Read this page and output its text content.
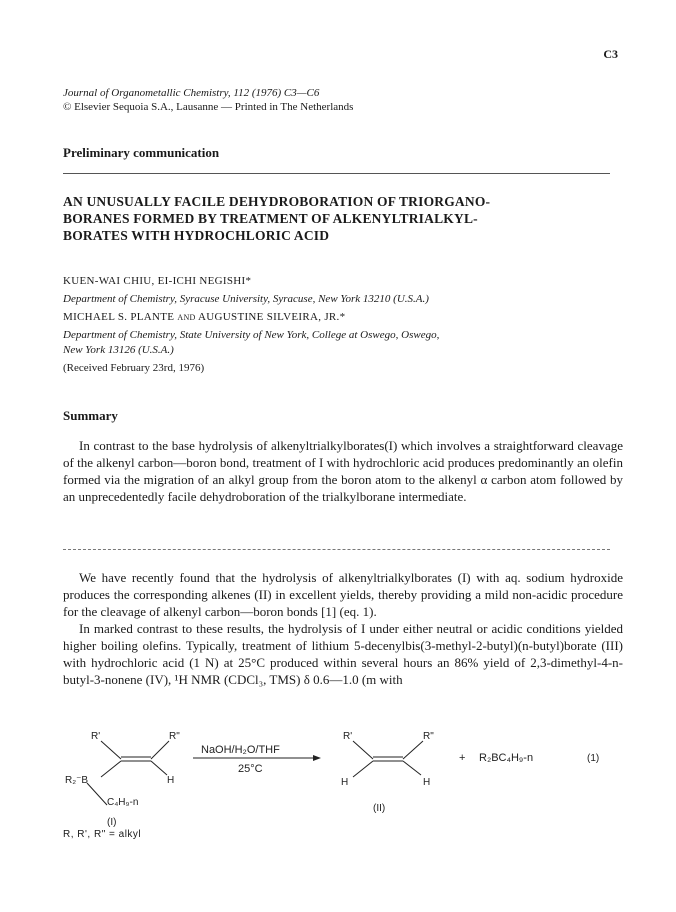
C3
Journal of Organometallic Chemistry, 112 (1976) C3—C6
© Elsevier Sequoia S.A., Lausanne — Printed in The Netherlands
Preliminary communication
AN UNUSUALLY FACILE DEHYDROBORATION OF TRIORGANO-
BORANES FORMED BY TREATMENT OF ALKENYLTRIALKYL-
BORATES WITH HYDROCHLORIC ACID
KUEN-WAI CHIU, EI-ICHI NEGISHI*
Department of Chemistry, Syracuse University, Syracuse, New York 13210 (U.S.A.)
MICHAEL S. PLANTE and AUGUSTINE SILVEIRA, JR.*
Department of Chemistry, State University of New York, College at Oswego, Oswego,
New York 13126 (U.S.A.)
(Received February 23rd, 1976)
Summary

In contrast to the base hydrolysis of alkenyltrialkylborates(I) which involves a straightforward cleavage of the alkenyl carbon—boron bond, treatment of I with hydrochloric acid produces predominantly an olefin formed via the migration of an alkyl group from the boron atom to the alkenyl α carbon atom followed by an unprecedentedly facile dehydroboration of the trialkylborane intermediate.

We have recently found that the hydrolysis of alkenyltrialkylborates (I) with aq. sodium hydroxide produces the corresponding alkenes (II) in excellent yields, thereby providing a mild non-acidic procedure for the cleavage of alkenyl carbon—boron bonds [1] (eq. 1).

In marked contrast to these results, the hydrolysis of I under either neutral or acidic conditions yielded higher boiling olefins. Typically, treatment of lithium 5-decenylbis(3-methyl-2-butyl)(n-butyl)borate (III) with hydrochloric acid (1 N) at 25°C produced within several hours an 86% yield of 2,3-dimethyl-4-n-butyl-3-nonene (IV), ¹H NMR (CDCl₃, TMS) δ 0.6—1.0 (m with

R'	R"
R₂⁻B	H
C₄H₉-n
(I)
NaOH/H₂O/THF
25°C
R'	R"
H	H
(II)
+ R₂BC₄H₉-n	(1)
R, R', R" = alkyl
